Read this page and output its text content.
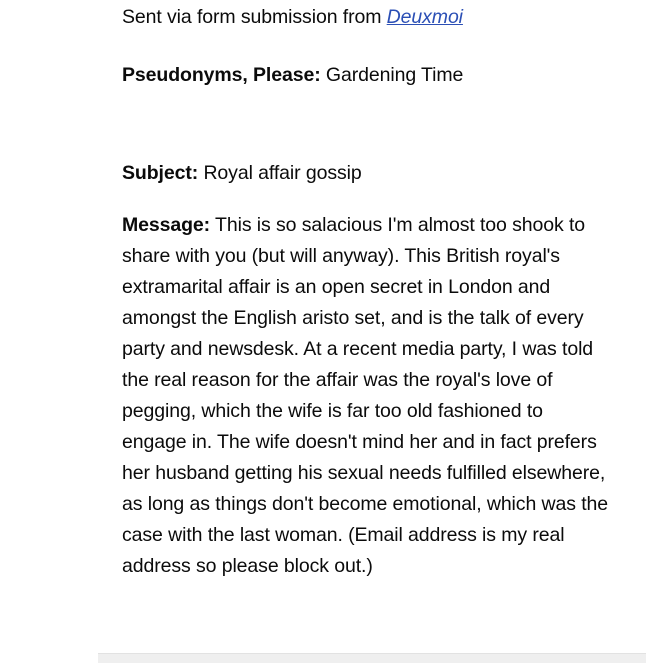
Sent via form submission from Deuxmoi
Pseudonyms, Please: Gardening Time
Subject: Royal affair gossip
Message: This is so salacious I'm almost too shook to share with you (but will anyway). This British royal's extramarital affair is an open secret in London and amongst the English aristo set, and is the talk of every party and newsdesk. At a recent media party, I was told the real reason for the affair was the royal's love of pegging, which the wife is far too old fashioned to engage in. The wife doesn't mind her and in fact prefers her husband getting his sexual needs fulfilled elsewhere, as long as things don't become emotional, which was the case with the last woman. (Email address is my real address so please block out.)
